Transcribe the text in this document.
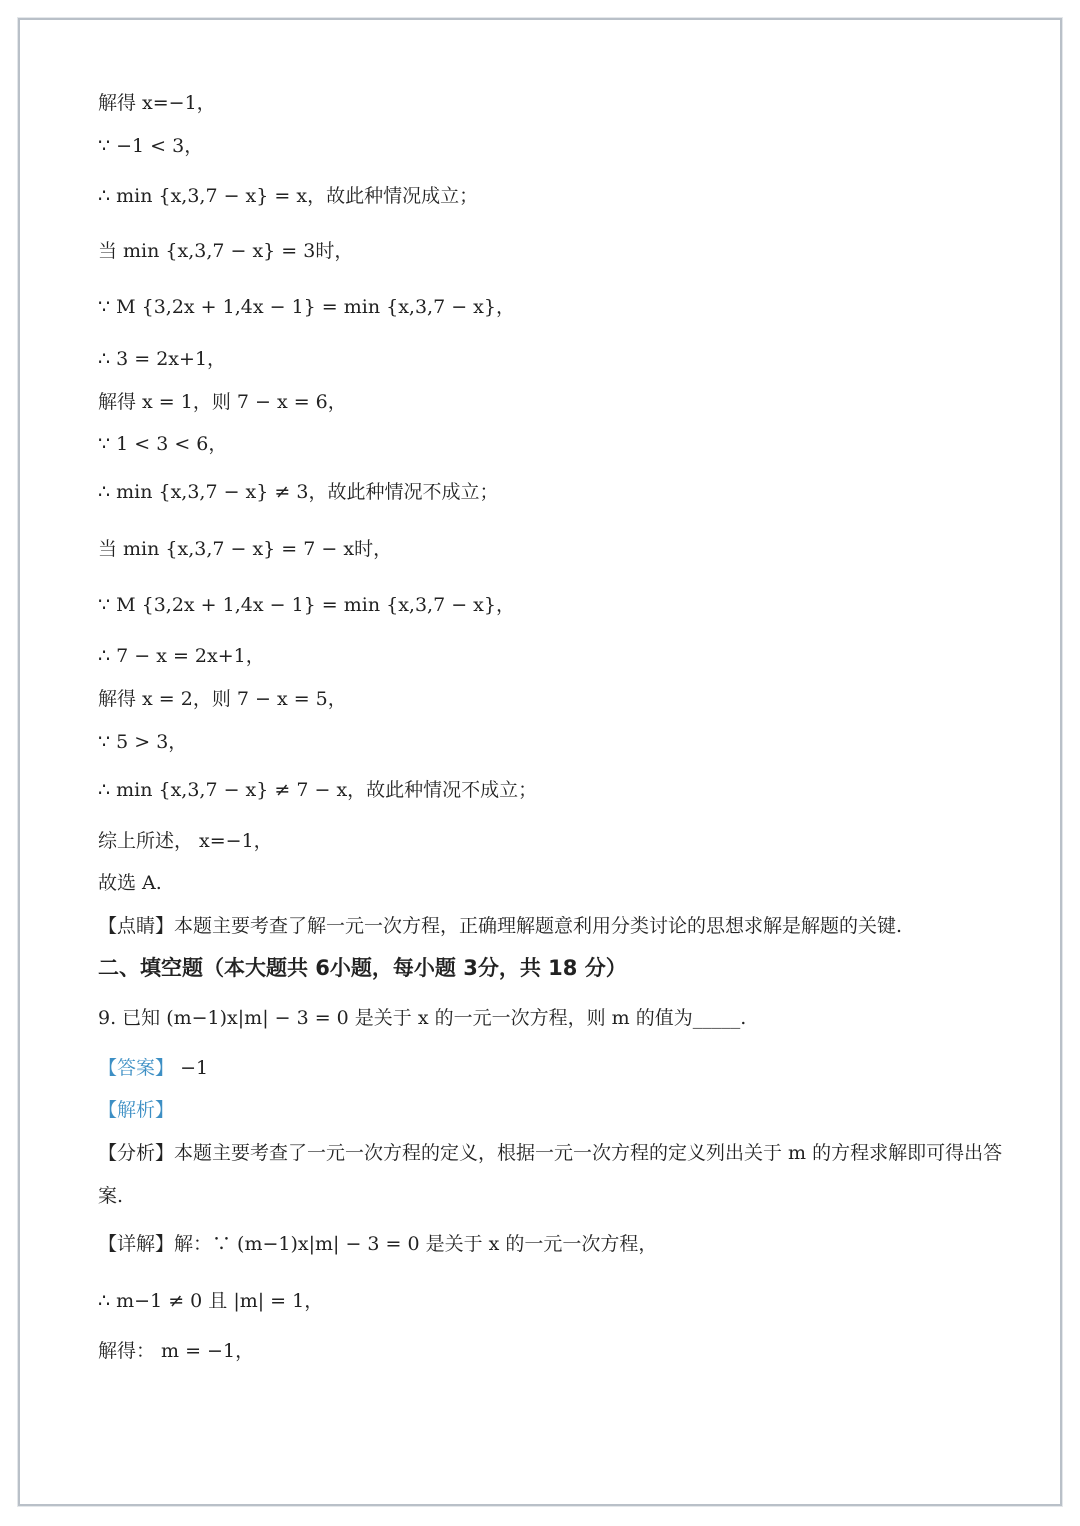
解得 x=−1，
∵ −1 < 3，
∴ min {x,3,7 − x} = x，故此种情况成立；
当 min {x,3,7 − x} = 3时，
∵ M {3,2x + 1,4x − 1} = min {x,3,7 − x}，
∴ 3 = 2x+1，
解得 x = 1，则 7 − x = 6，
∵ 1 < 3 < 6，
∴ min {x,3,7 − x} ≠ 3，故此种情况不成立；
当 min {x,3,7 − x} = 7 − x时，
∵ M {3,2x + 1,4x − 1} = min {x,3,7 − x}，
∴ 7 − x = 2x+1，
解得 x = 2，则 7 − x = 5，
∵ 5 > 3，
∴ min {x,3,7 − x} ≠ 7 − x，故此种情况不成立；
综上所述， x=−1，
故选 A.
【点睛】本题主要考查了解一元一次方程，正确理解题意利用分类讨论的思想求解是解题的关键.
二、填空题（本大题共 6小题，每小题 3分，共 18 分）
9. 已知 (m−1)x|m| − 3 = 0 是关于 x 的一元一次方程，则 m 的值为_____.
【答案】 −1
【解析】
【分析】本题主要考查了一元一次方程的定义，根据一元一次方程的定义列出关于 m 的方程求解即可得出答
案.
【详解】解：∵ (m−1)x|m| − 3 = 0 是关于 x 的一元一次方程，
∴ m−1 ≠ 0 且 |m| = 1，
解得： m = −1，
